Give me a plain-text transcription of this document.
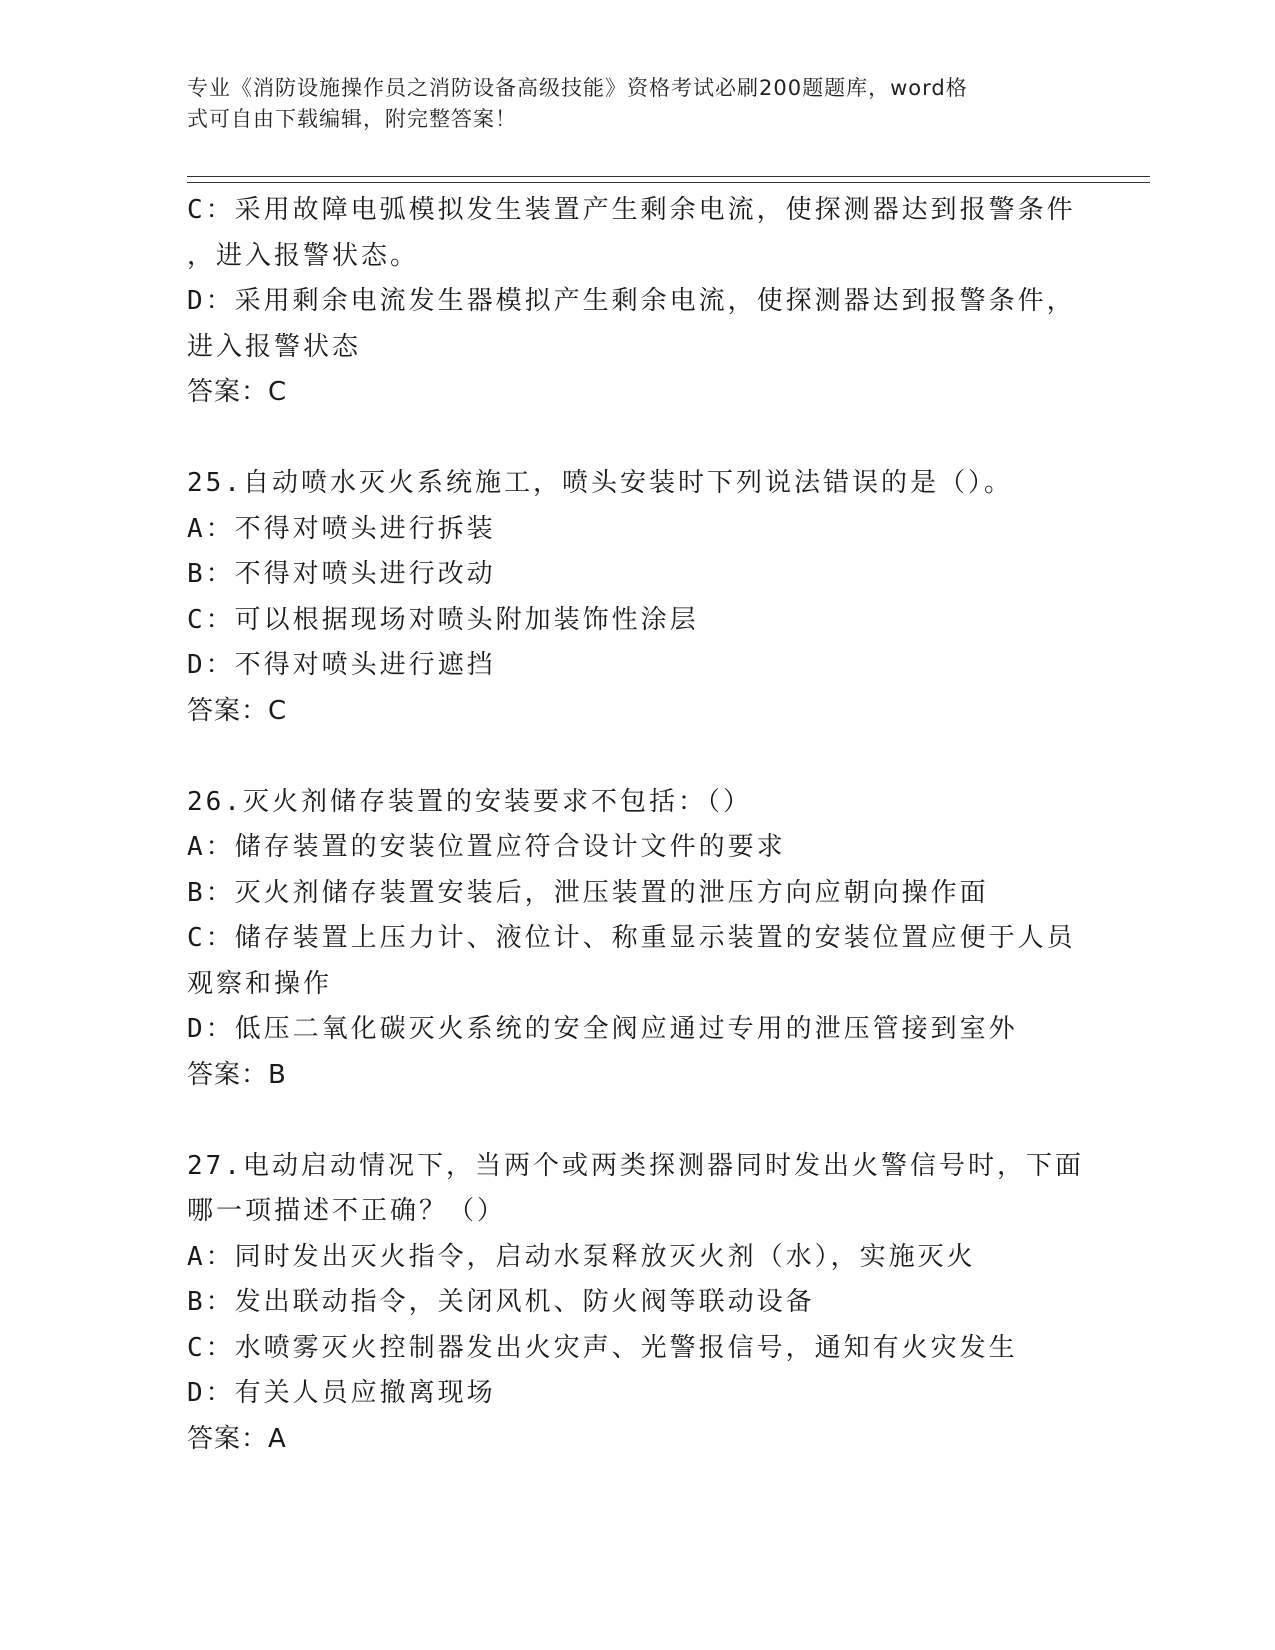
专业《消防设施操作员之消防设备高级技能》资格考试必刷200题题库，word格
式可自由下载编辑，附完整答案！
C：采用故障电弧模拟发生装置产生剩余电流，使探测器达到报警条件
，进入报警状态。
D：采用剩余电流发生器模拟产生剩余电流，使探测器达到报警条件，
进入报警状态
答案：C
25.自动喷水灭火系统施工，喷头安装时下列说法错误的是（）。
A：不得对喷头进行拆装
B：不得对喷头进行改动
C：可以根据现场对喷头附加装饰性涂层
D：不得对喷头进行遮挡
答案：C
26.灭火剂储存装置的安装要求不包括：（）
A：储存装置的安装位置应符合设计文件的要求
B：灭火剂储存装置安装后，泄压装置的泄压方向应朝向操作面
C：储存装置上压力计、液位计、称重显示装置的安装位置应便于人员
观察和操作
D：低压二氧化碳灭火系统的安全阀应通过专用的泄压管接到室外
答案：B
27.电动启动情况下，当两个或两类探测器同时发出火警信号时，下面
哪一项描述不正确？（）
A：同时发出灭火指令，启动水泵释放灭火剂（水），实施灭火
B：发出联动指令，关闭风机、防火阀等联动设备
C：水喷雾灭火控制器发出火灾声、光警报信号，通知有火灾发生
D：有关人员应撤离现场
答案：A
